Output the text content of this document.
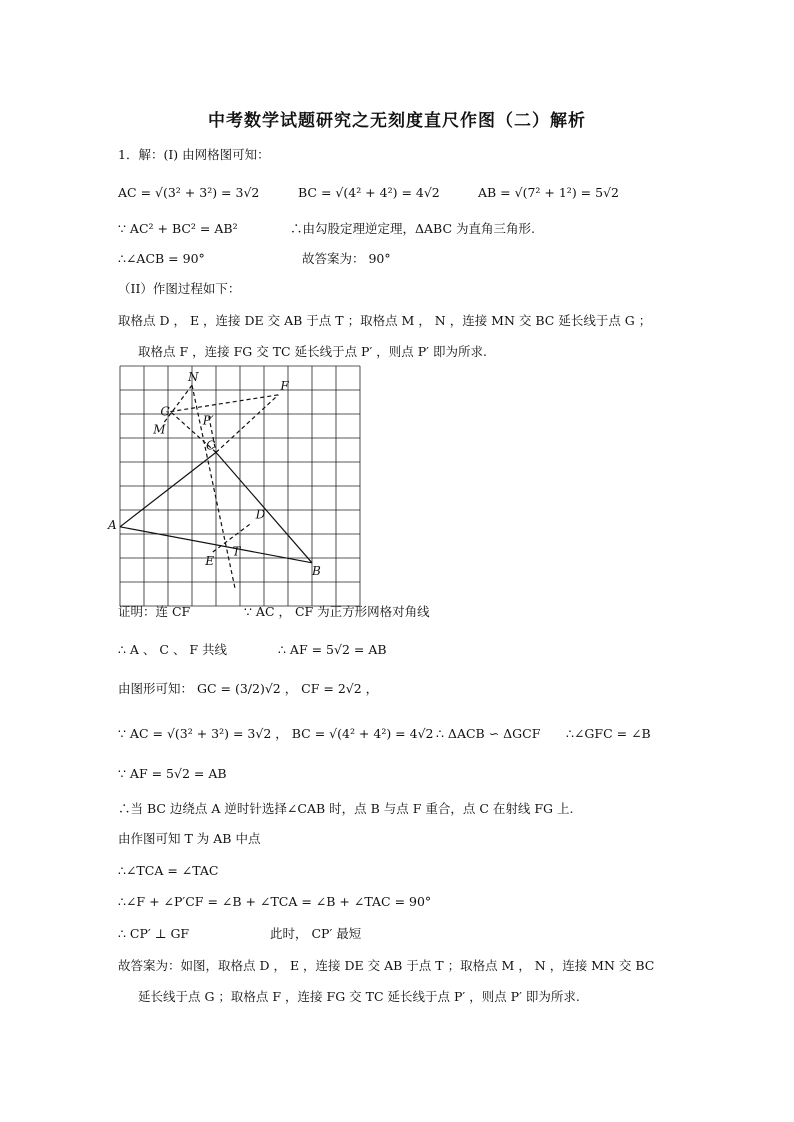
中考数学试题研究之无刻度直尺作图（二）解析
1．解：(I) 由网格图可知：
AC = √(3² + 3²) = 3√2	BC = √(4² + 4²) = 4√2	AB = √(7² + 1²) = 5√2
∵ AC² + BC² = AB²	∴由勾股定理逆定理，ΔABC 为直角三角形.
∴∠ACB = 90°	故答案为： 90°
（II）作图过程如下：
取格点 D ， E ，连接 DE 交 AB 于点 T ；取格点 M ， N ，连接 MN 交 BC 延长线于点 G ；
取格点 F ，连接 FG 交 TC 延长线于点 P′ ，则点 P′ 即为所求.
A
B
C
D
E
F
G
M
N
P′
T
证明：连 CF	∵ AC ， CF 为正方形网格对角线
∴ A 、 C 、 F 共线	∴ AF = 5√2 = AB
由图形可知： GC = (3/2)√2 ， CF = 2√2 ，
∵ AC = √(3² + 3²) = 3√2 ， BC = √(4² + 4²) = 4√2 ∴ ΔACB ∽ ΔGCF ∴∠GFC = ∠B
∵ AF = 5√2 = AB
∴当 BC 边绕点 A 逆时针选择∠CAB 时，点 B 与点 F 重合，点 C 在射线 FG 上.
由作图可知 T 为 AB 中点
∴∠TCA = ∠TAC
∴∠F + ∠P′CF = ∠B + ∠TCA = ∠B + ∠TAC = 90°
∴ CP′ ⊥ GF	此时， CP′ 最短
故答案为：如图，取格点 D ， E ，连接 DE 交 AB 于点 T ；取格点 M ， N ，连接 MN 交 BC
延长线于点 G ；取格点 F ，连接 FG 交 TC 延长线于点 P′ ，则点 P′ 即为所求.
